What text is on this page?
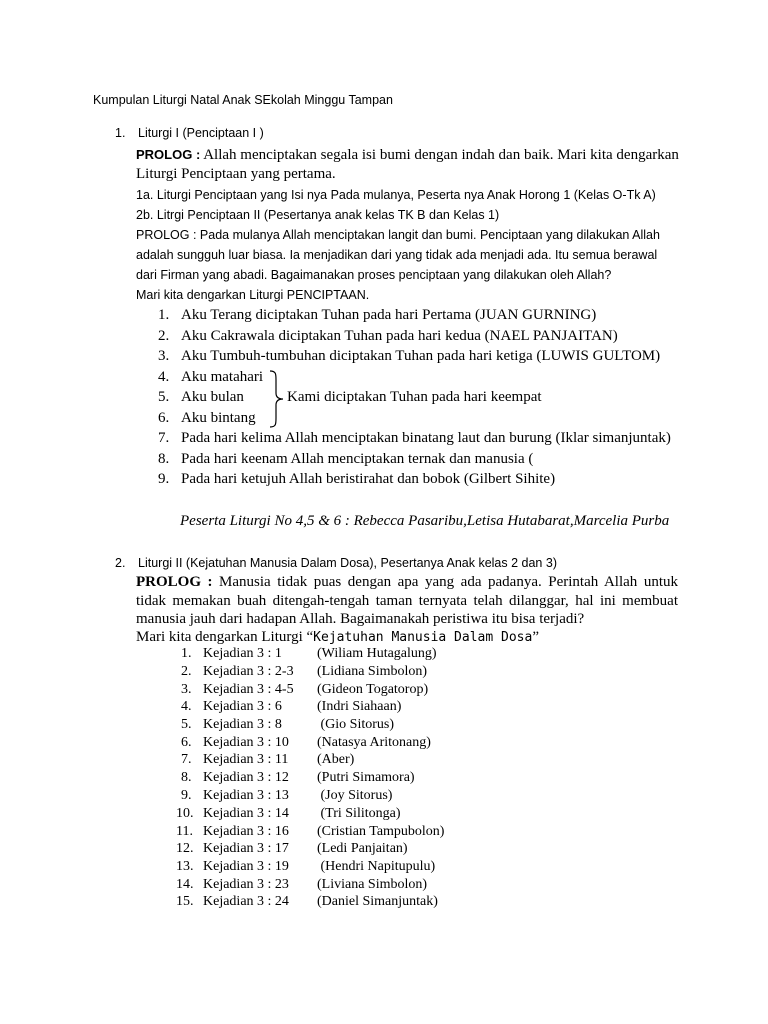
Kumpulan Liturgi Natal Anak SEkolah Minggu Tampan
1. Liturgi I (Penciptaan I )
PROLOG : Allah menciptakan segala isi bumi dengan indah dan baik. Mari kita dengarkan
Liturgi Penciptaan yang pertama.
1a. Liturgi Penciptaan yang Isi nya Pada mulanya, Peserta nya Anak Horong 1 (Kelas O-Tk A)
2b. Litrgi Penciptaan II (Pesertanya anak kelas TK B dan Kelas 1)
PROLOG : Pada mulanya Allah menciptakan langit dan bumi. Penciptaan yang dilakukan Allah
adalah sungguh luar biasa. Ia menjadikan dari yang tidak ada menjadi ada. Itu semua berawal
dari Firman yang abadi. Bagaimanakan proses penciptaan yang dilakukan oleh Allah?
Mari kita dengarkan Liturgi PENCIPTAAN.
1. Aku Terang diciptakan Tuhan pada hari Pertama (JUAN GURNING)
2. Aku Cakrawala diciptakan Tuhan pada hari kedua (NAEL PANJAITAN)
3. Aku Tumbuh-tumbuhan diciptakan Tuhan pada hari ketiga (LUWIS GULTOM)
4. Aku matahari
5. Aku bulan
6. Aku bintang
Kami diciptakan Tuhan pada hari keempat
7. Pada hari kelima Allah menciptakan binatang laut dan burung (Iklar simanjuntak)
8. Pada hari keenam Allah menciptakan ternak dan manusia (
9. Pada hari ketujuh Allah beristirahat dan bobok (Gilbert Sihite)
Peserta Liturgi No 4,5 & 6 : Rebecca Pasaribu,Letisa Hutabarat,Marcelia Purba
2. Liturgi II (Kejatuhan Manusia Dalam Dosa), Pesertanya Anak kelas 2 dan 3)
PROLOG : Manusia tidak puas dengan apa yang ada padanya. Perintah Allah untuk
tidak memakan buah ditengah-tengah taman ternyata telah dilanggar, hal ini membuat
manusia jauh dari hadapan Allah. Bagaimanakah peristiwa itu bisa terjadi?
Mari kita dengarkan Liturgi “Kejatuhan Manusia Dalam Dosa”
1. Kejadian 3 : 1	(Wiliam Hutagalung)
2. Kejadian 3 : 2-3 (Lidiana Simbolon)
3. Kejadian 3 : 4-5 (Gideon Togatorop)
4. Kejadian 3 : 6	(Indri Siahaan)
5. Kejadian 3 : 8	(Gio Sitorus)
6. Kejadian 3 : 10 (Natasya Aritonang)
7. Kejadian 3 : 11 (Aber)
8. Kejadian 3 : 12 (Putri Simamora)
9. Kejadian 3 : 13 (Joy Sitorus)
10. Kejadian 3 : 14 (Tri Silitonga)
11. Kejadian 3 : 16 (Cristian Tampubolon)
12. Kejadian 3 : 17 (Ledi Panjaitan)
13. Kejadian 3 : 19 (Hendri Napitupulu)
14. Kejadian 3 : 23 (Liviana Simbolon)
15. Kejadian 3 : 24 (Daniel Simanjuntak)
